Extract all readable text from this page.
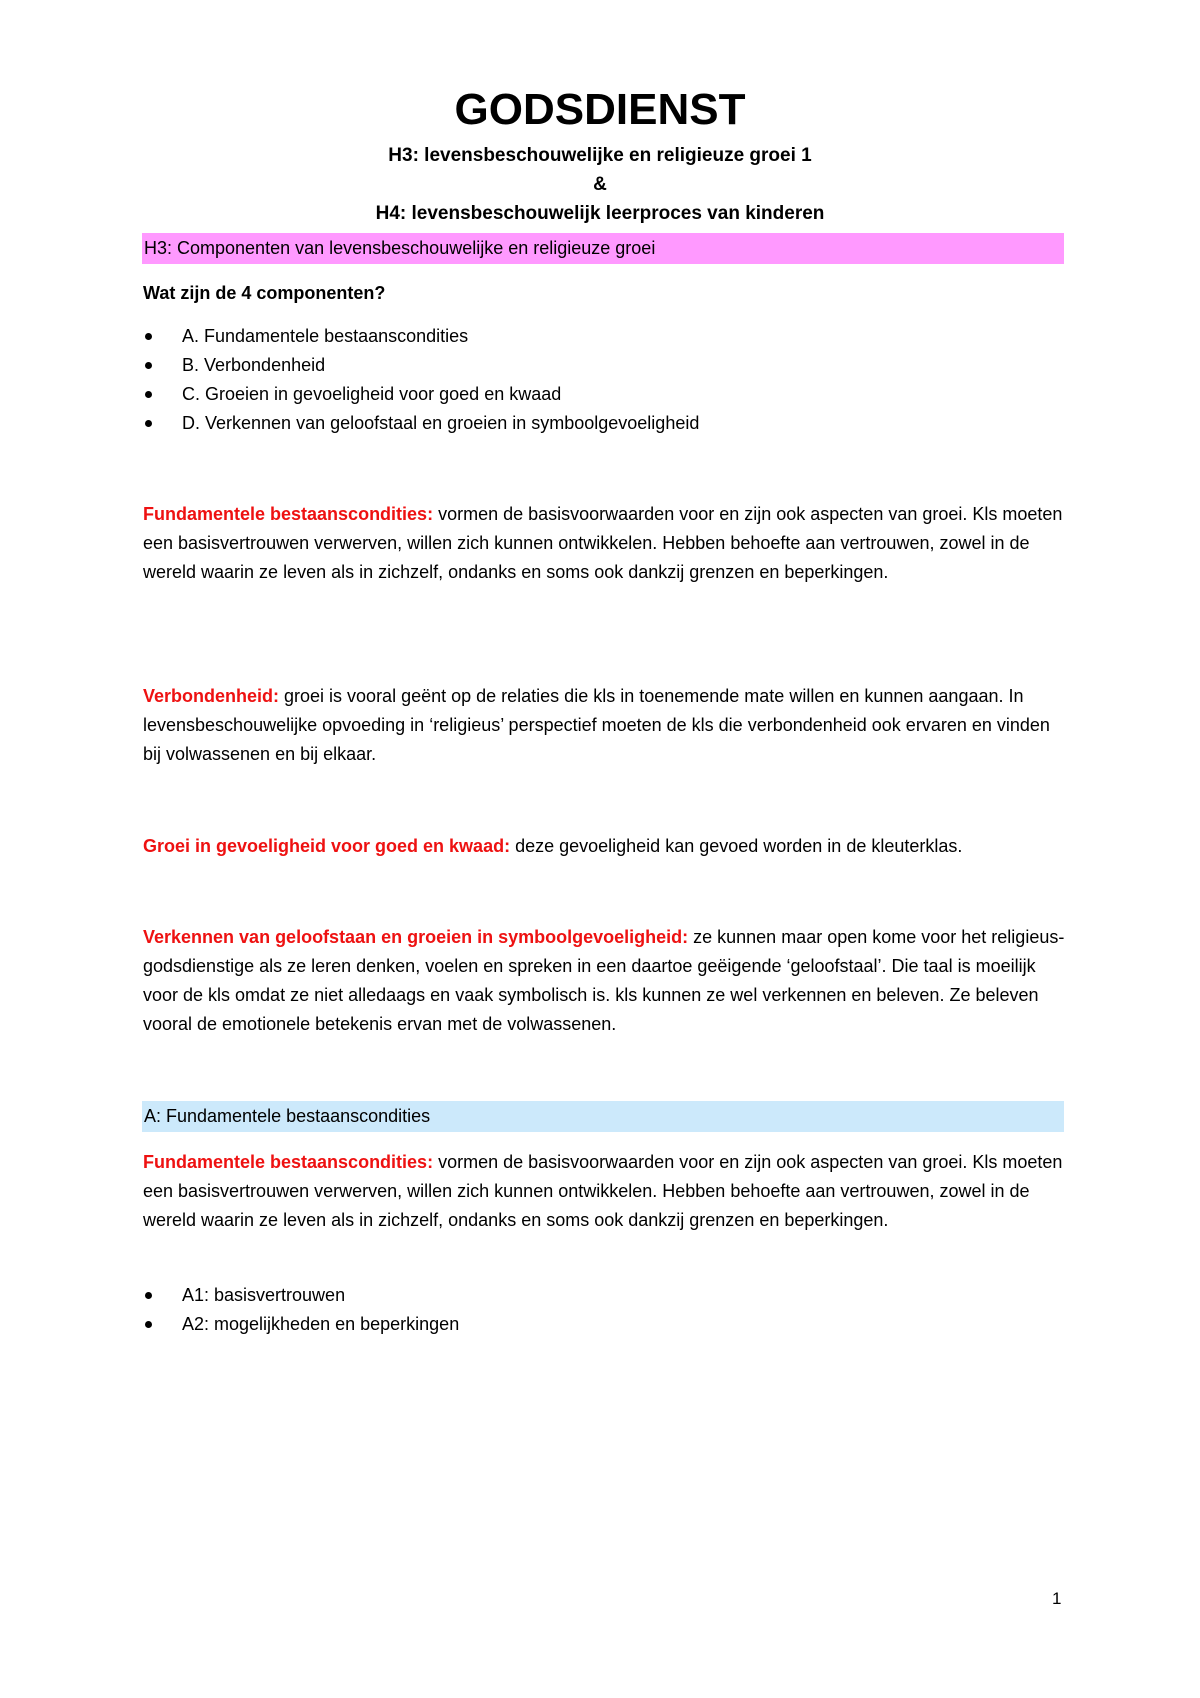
GODSDIENST
H3: levensbeschouwelijke en religieuze groei 1
&
H4: levensbeschouwelijk leerproces van kinderen
H3: Componenten van levensbeschouwelijke en religieuze groei
Wat zijn de 4 componenten?
A. Fundamentele bestaanscondities
B. Verbondenheid
C. Groeien in gevoeligheid voor goed en kwaad
D. Verkennen van geloofstaal en groeien in symboolgevoeligheid

Fundamentele bestaanscondities: vormen de basisvoorwaarden voor en zijn ook aspecten van groei. Kls moeten een basisvertrouwen verwerven, willen zich kunnen ontwikkelen. Hebben behoefte aan vertrouwen, zowel in de wereld waarin ze leven als in zichzelf, ondanks en soms ook dankzij grenzen en beperkingen.

Verbondenheid: groei is vooral geënt op de relaties die kls in toenemende mate willen en kunnen aangaan. In levensbeschouwelijke opvoeding in ‘religieus’ perspectief moeten de kls die verbondenheid ook ervaren en vinden bij volwassenen en bij elkaar.

Groei in gevoeligheid voor goed en kwaad: deze gevoeligheid kan gevoed worden in de kleuterklas.

Verkennen van geloofstaan en groeien in symboolgevoeligheid: ze kunnen maar open kome voor het religieus-godsdienstige als ze leren denken, voelen en spreken in een daartoe geëigende ‘geloofstaal’. Die taal is moeilijk voor de kls omdat ze niet alledaags en vaak symbolisch is. kls kunnen ze wel verkennen en beleven. Ze beleven vooral de emotionele betekenis ervan met de volwassenen.

A: Fundamentele bestaanscondities

Fundamentele bestaanscondities: vormen de basisvoorwaarden voor en zijn ook aspecten van groei. Kls moeten een basisvertrouwen verwerven, willen zich kunnen ontwikkelen. Hebben behoefte aan vertrouwen, zowel in de wereld waarin ze leven als in zichzelf, ondanks en soms ook dankzij grenzen en beperkingen.

A1: basisvertrouwen
A2: mogelijkheden en beperkingen
1
